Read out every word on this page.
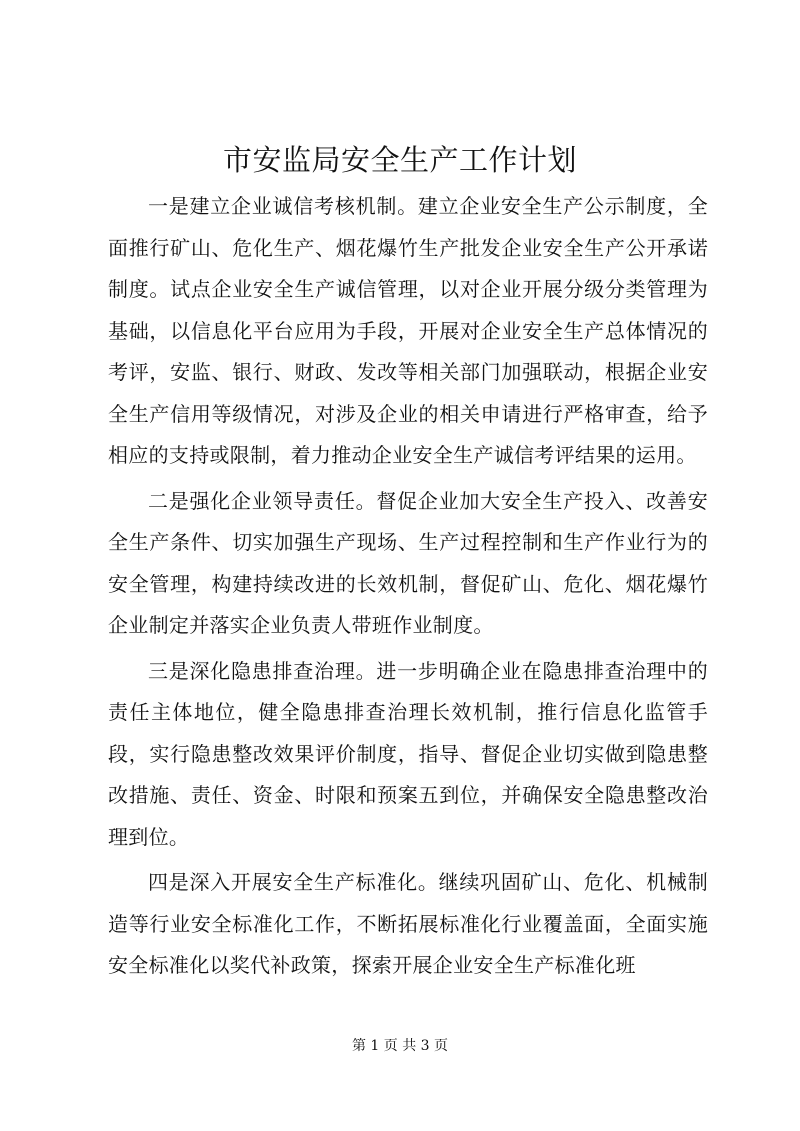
市安监局安全生产工作计划

一是建立企业诚信考核机制。建立企业安全生产公示制度，全面推行矿山、危化生产、烟花爆竹生产批发企业安全生产公开承诺制度。试点企业安全生产诚信管理，以对企业开展分级分类管理为基础，以信息化平台应用为手段，开展对企业安全生产总体情况的考评，安监、银行、财政、发改等相关部门加强联动，根据企业安全生产信用等级情况，对涉及企业的相关申请进行严格审查，给予相应的支持或限制，着力推动企业安全生产诚信考评结果的运用。

二是强化企业领导责任。督促企业加大安全生产投入、改善安全生产条件、切实加强生产现场、生产过程控制和生产作业行为的安全管理，构建持续改进的长效机制，督促矿山、危化、烟花爆竹企业制定并落实企业负责人带班作业制度。

三是深化隐患排查治理。进一步明确企业在隐患排查治理中的责任主体地位，健全隐患排查治理长效机制，推行信息化监管手段，实行隐患整改效果评价制度，指导、督促企业切实做到隐患整改措施、责任、资金、时限和预案五到位，并确保安全隐患整改治理到位。

四是深入开展安全生产标准化。继续巩固矿山、危化、机械制造等行业安全标准化工作，不断拓展标准化行业覆盖面，全面实施安全标准化以奖代补政策，探索开展企业安全生产标准化班

第 1 页 共 3 页
